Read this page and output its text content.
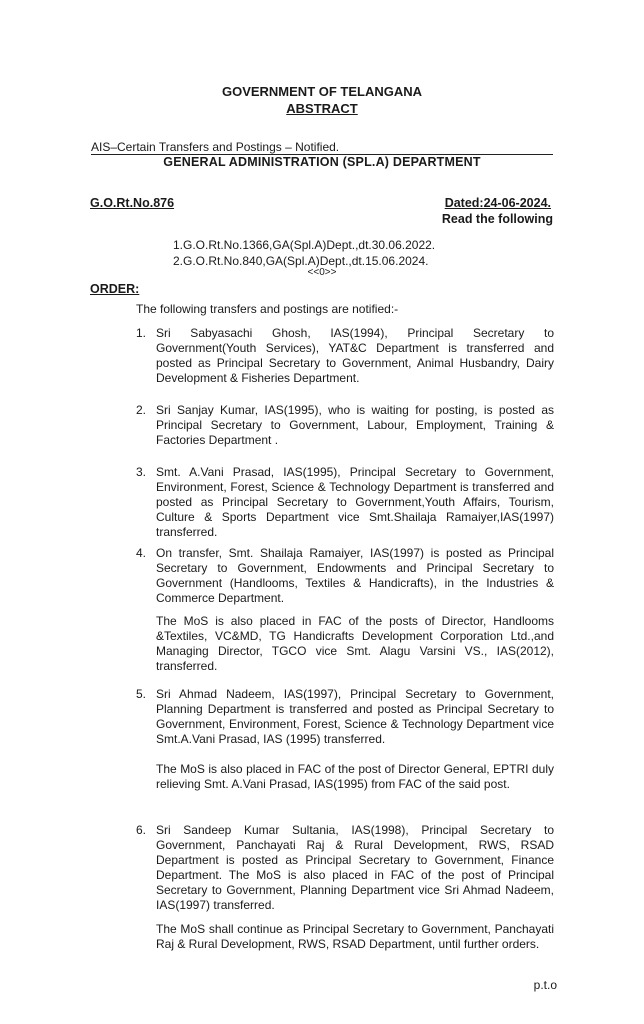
GOVERNMENT OF TELANGANA
ABSTRACT
AIS–Certain Transfers and Postings – Notified.
GENERAL ADMINISTRATION (SPL.A) DEPARTMENT
G.O.Rt.No.876	Dated:24-06-2024.
Read the following
1.G.O.Rt.No.1366,GA(Spl.A)Dept.,dt.30.06.2022.
2.G.O.Rt.No.840,GA(Spl.A)Dept.,dt.15.06.2024.
<<0>>
ORDER:
The following transfers and postings are notified:-
1. Sri Sabyasachi Ghosh, IAS(1994), Principal Secretary to Government(Youth Services), YAT&C Department is transferred and posted as Principal Secretary to Government, Animal Husbandry, Dairy Development & Fisheries Department.
2. Sri Sanjay Kumar, IAS(1995), who is waiting for posting, is posted as Principal Secretary to Government, Labour, Employment, Training & Factories Department .
3. Smt. A.Vani Prasad, IAS(1995), Principal Secretary to Government, Environment, Forest, Science & Technology Department is transferred and posted as Principal Secretary to Government,Youth Affairs, Tourism, Culture & Sports Department vice Smt.Shailaja Ramaiyer,IAS(1997) transferred.
4. On transfer, Smt. Shailaja Ramaiyer, IAS(1997) is posted as Principal Secretary to Government, Endowments and Principal Secretary to Government (Handlooms, Textiles & Handicrafts), in the Industries & Commerce Department.
The MoS is also placed in FAC of the posts of Director, Handlooms &Textiles, VC&MD, TG Handicrafts Development Corporation Ltd.,and Managing Director, TGCO vice Smt. Alagu Varsini VS., IAS(2012), transferred.
5. Sri Ahmad Nadeem, IAS(1997), Principal Secretary to Government, Planning Department is transferred and posted as Principal Secretary to Government, Environment, Forest, Science & Technology Department vice Smt.A.Vani Prasad, IAS (1995) transferred.
The MoS is also placed in FAC of the post of Director General, EPTRI duly relieving Smt. A.Vani Prasad, IAS(1995) from FAC of the said post.
6. Sri Sandeep Kumar Sultania, IAS(1998), Principal Secretary to Government, Panchayati Raj & Rural Development, RWS, RSAD Department is posted as Principal Secretary to Government, Finance Department. The MoS is also placed in FAC of the post of Principal Secretary to Government, Planning Department vice Sri Ahmad Nadeem, IAS(1997) transferred.
The MoS shall continue as Principal Secretary to Government, Panchayati Raj & Rural Development, RWS, RSAD Department, until further orders.
p.t.o
